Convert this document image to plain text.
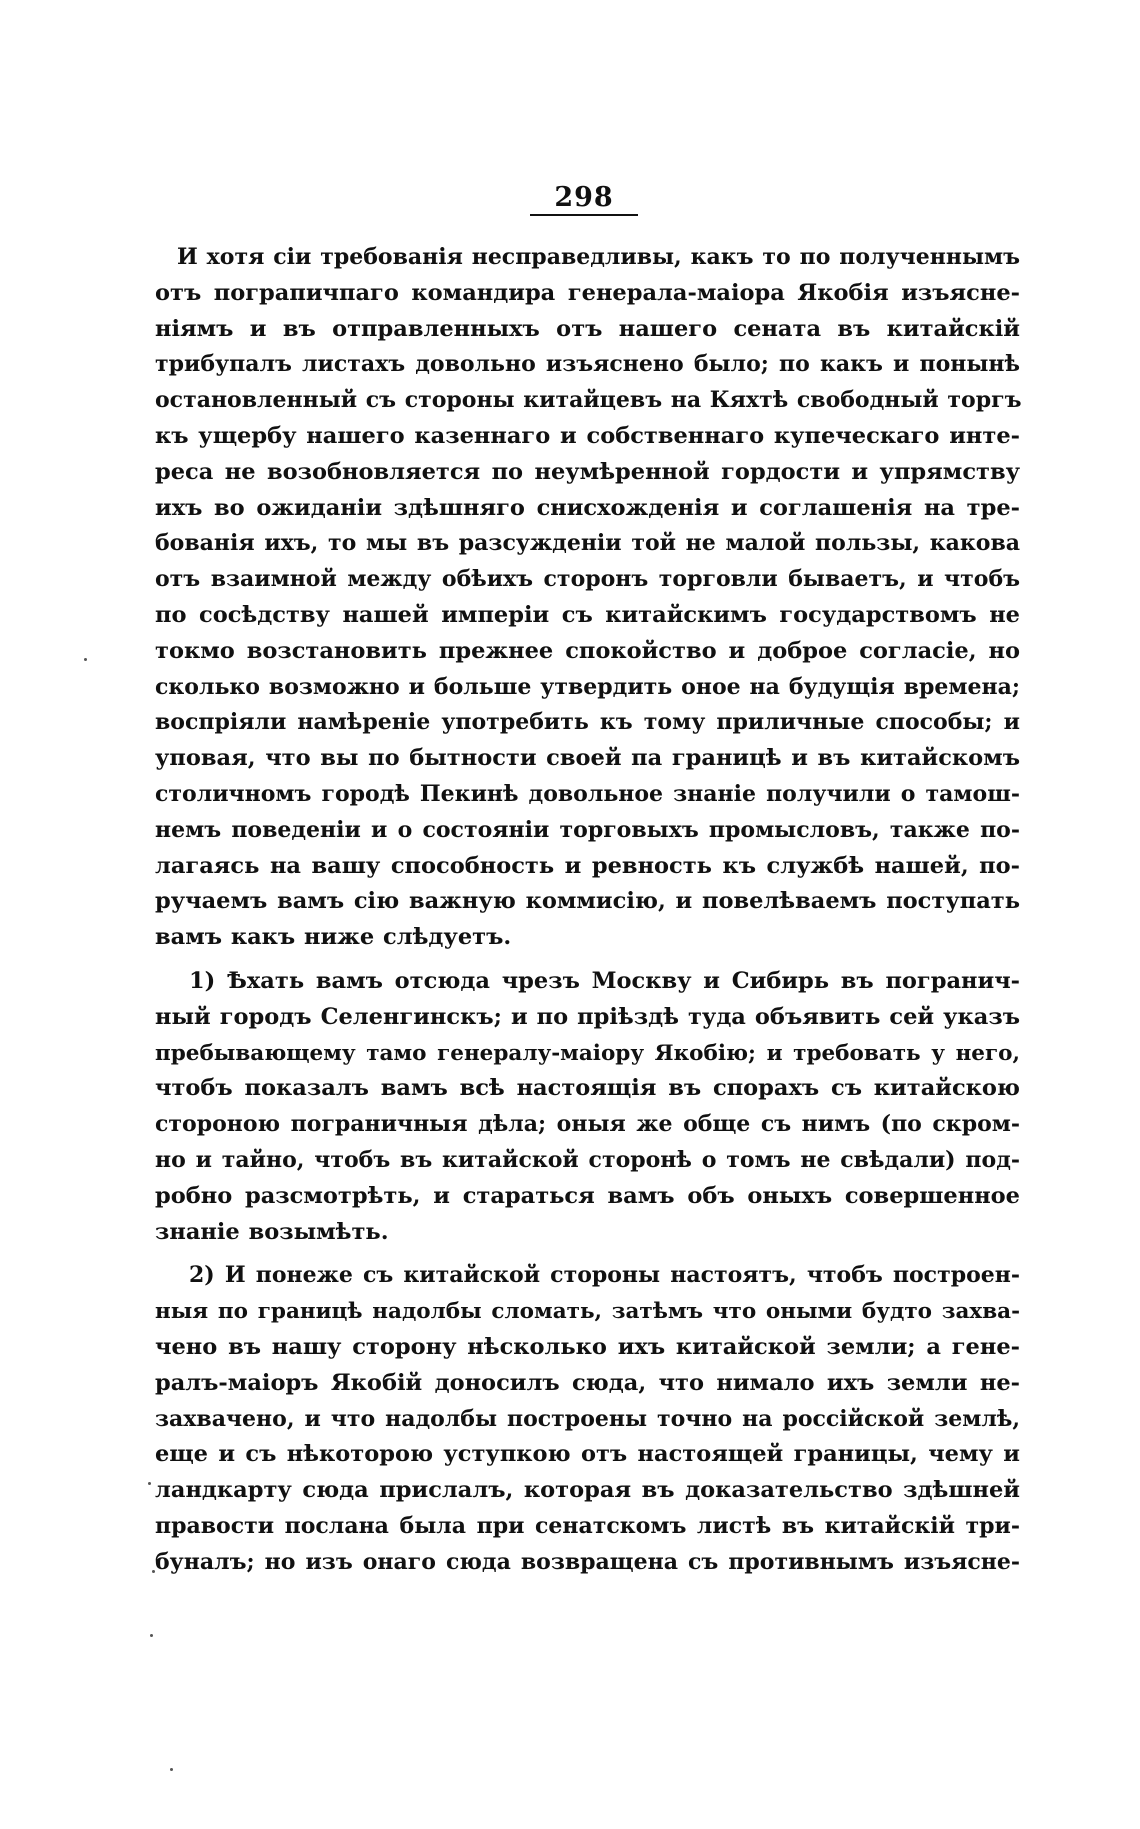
298
И хотя сіи требованія несправедливы, какъ то по полученнымъ
отъ пограпичпаго командира генерала-маіора Якобія изъясне-
ніямъ и въ отправленныхъ отъ нашего сената въ китайскій
трибупалъ листахъ довольно изъяснено было; по какъ и понынѣ
остановленный съ стороны китайцевъ на Кяхтѣ свободный торгъ
къ ущербу нашего казеннаго и собственнаго купеческаго инте-
реса не возобновляется по неумѣренной гордости и упрямству
ихъ во ожиданіи здѣшняго снисхожденія и соглашенія на тре-
бованія ихъ, то мы въ разсужденіи той не малой пользы, какова
отъ взаимной между обѣихъ сторонъ торговли бываетъ, и чтобъ
по сосѣдству нашей имперіи съ китайскимъ государствомъ не
токмо возстановить прежнее спокойство и доброе согласіе, но
сколько возможно и больше утвердить оное на будущія времена;
воспріяли намѣреніе употребить къ тому приличные способы; и
уповая, что вы по бытности своей па границѣ и въ китайскомъ
столичномъ городѣ Пекинѣ довольное знаніе получили о тамош-
немъ поведеніи и о состояніи торговыхъ промысловъ, также по-
лагаясь на вашу способность и ревность къ службѣ нашей, по-
ручаемъ вамъ сію важную коммисію, и повелѣваемъ поступать
вамъ какъ ниже слѣдуетъ.
1) Ѣхать вамъ отсюда чрезъ Москву и Сибирь въ погранич-
ный городъ Селенгинскъ; и по пріѣздѣ туда объявить сей указъ
пребывающему тамо генералу-маіору Якобію; и требовать у него,
чтобъ показалъ вамъ всѣ настоящія въ спорахъ съ китайскою
стороною пограничныя дѣла; оныя же обще съ нимъ (по скром-
но и тайно, чтобъ въ китайской сторонѣ о томъ не свѣдали) под-
робно разсмотрѣть, и стараться вамъ объ оныхъ совершенное
знаніе возымѣть.
2) И понеже съ китайской стороны настоятъ, чтобъ построен-
ныя по границѣ надолбы сломать, затѣмъ что оными будто захва-
чено въ нашу сторону нѣсколько ихъ китайской земли; а гене-
ралъ-маіоръ Якобій доносилъ сюда, что нимало ихъ земли не-
захвачено, и что надолбы построены точно на россійской землѣ,
еще и съ нѣкоторою уступкою отъ настоящей границы, чему и
ландкарту сюда прислалъ, которая въ доказательство здѣшней
правости послана была при сенатскомъ листѣ въ китайскій три-
буналъ; но изъ онаго сюда возвращена съ противнымъ изъясне-
